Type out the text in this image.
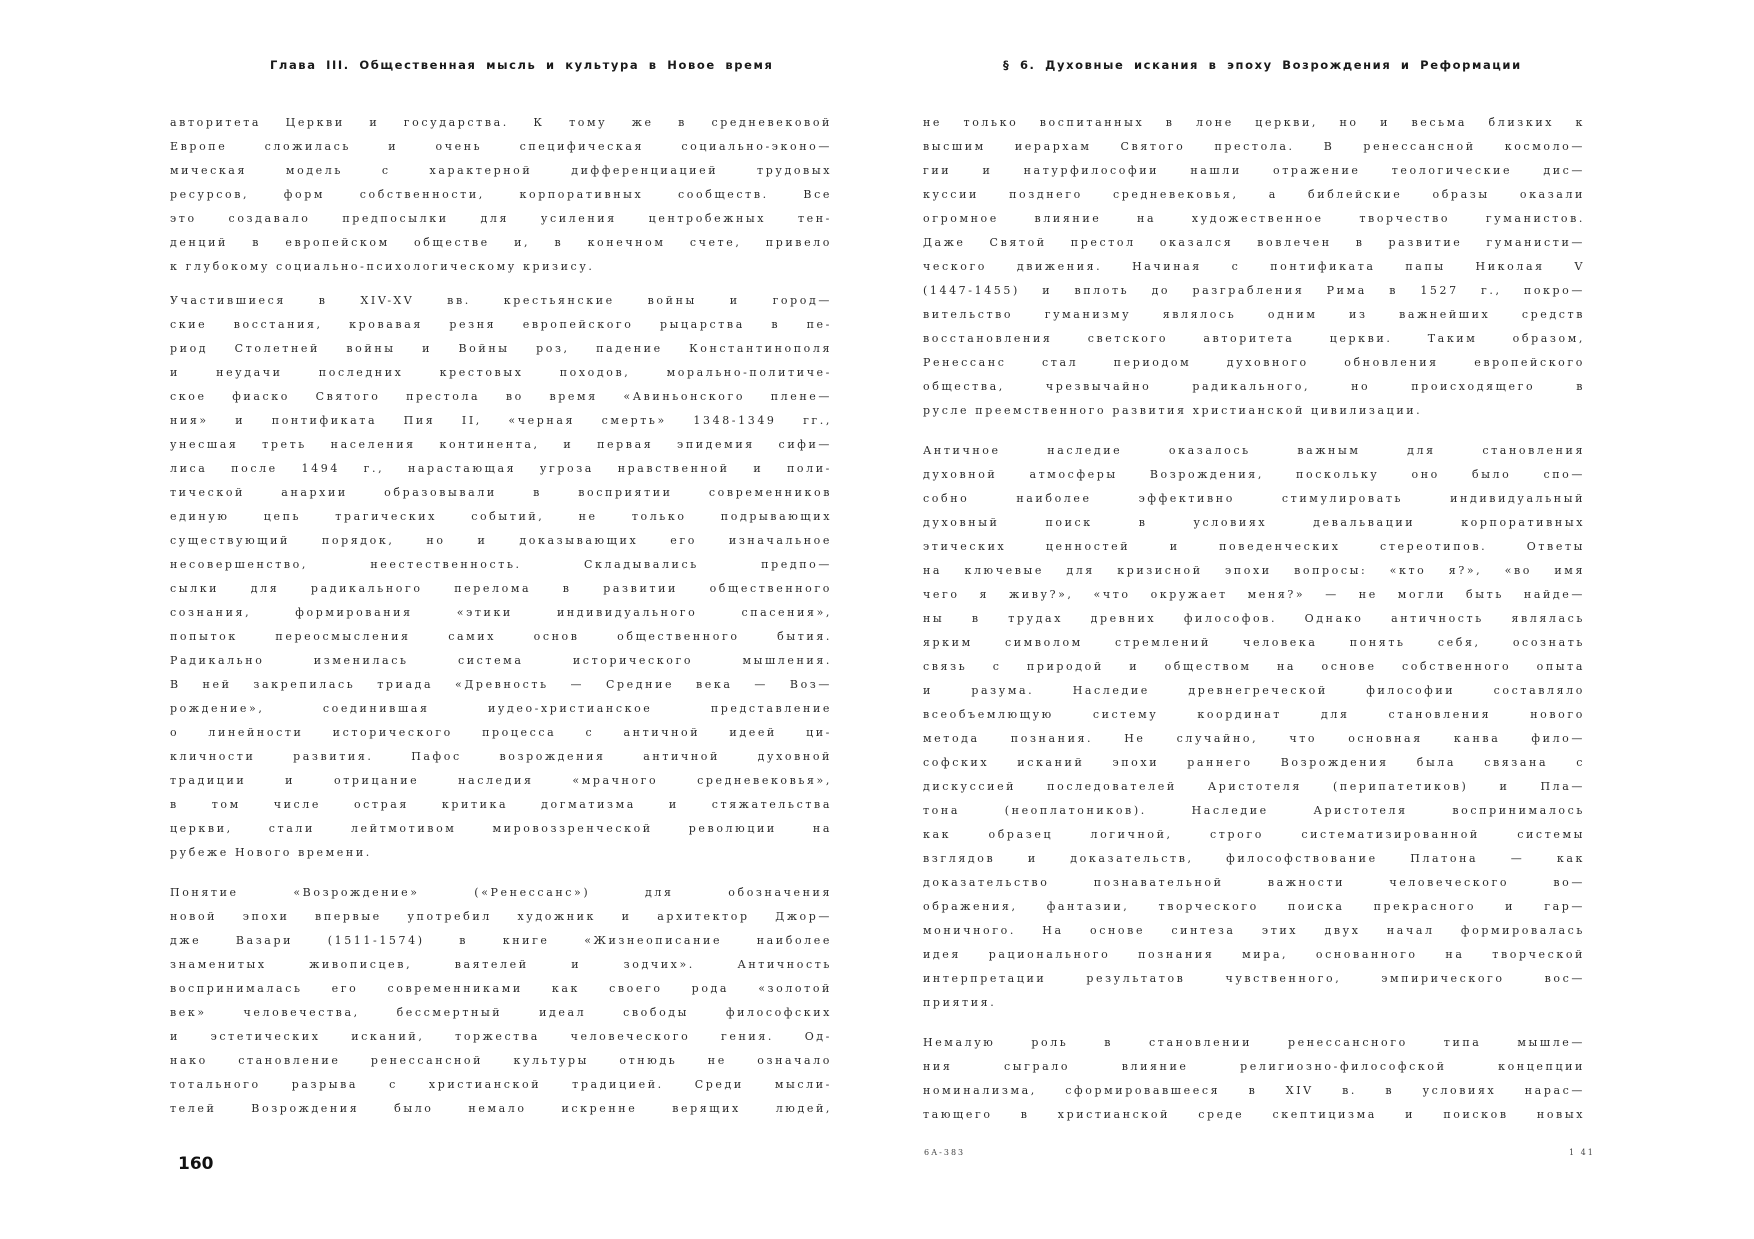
Глава III. Общественная мысль и культура в Новое время
авторитета Церкви и государства. К тому же в средневековой
Европе сложилась и очень специфическая социально-эконо—
мическая модель с характерной дифференциацией трудовых
ресурсов, форм собственности, корпоративных сообществ. Все
это создавало предпосылки для усиления центробежных тен-
денций в европейском обществе и, в конечном счете, привело
к глубокому социально-психологическому кризису.
Участившиеся в XIV-XV вв. крестьянские войны и город—
ские восстания, кровавая резня европейского рыцарства в пе-
риод Столетней войны и Войны роз, падение Константинополя
и неудачи последних крестовых походов, морально-политиче-
ское фиаско Святого престола во время «Авиньонского плене—
ния» и понтификата Пия II, «черная смерть» 1348-1349 гг.,
унесшая треть населения континента, и первая эпидемия сифи—
лиса после 1494 г., нарастающая угроза нравственной и поли-
тической анархии образовывали в восприятии современников
единую цепь трагических событий, не только подрывающих
существующий порядок, но и доказывающих его изначальное
несовершенство, неестественность. Складывались предпо—
сылки для радикального перелома в развитии общественного
сознания, формирования «этики индивидуального спасения»,
попыток переосмысления самих основ общественного бытия.
Радикально изменилась система исторического мышления.
В ней закрепилась триада «Древность — Средние века — Воз—
рождение», соединившая иудео-христианское представление
о линейности исторического процесса с античной идеей ци-
кличности развития. Пафос возрождения античной духовной
традиции и отрицание наследия «мрачного средневековья»,
в том числе острая критика догматизма и стяжательства
церкви, стали лейтмотивом мировоззренческой революции на
рубеже Нового времени.
Понятие «Возрождение» («Ренессанс») для обозначения
новой эпохи впервые употребил художник и архитектор Джор—
дже Вазари (1511-1574) в книге «Жизнеописание наиболее
знаменитых живописцев, ваятелей и зодчих». Античность
воспринималась его современниками как своего рода «золотой
век» человечества, бессмертный идеал свободы философских
и эстетических исканий, торжества человеческого гения. Од-
нако становление ренессансной культуры отнюдь не означало
тотального разрыва с христианской традицией. Среди мысли-
телей Возрождения было немало искренне верящих людей,
160
§ 6. Духовные искания в эпоху Возрождения и Реформации
не только воспитанных в лоне церкви, но и весьма близких к
высшим иерархам Святого престола. В ренессансной космоло—
гии и натурфилософии нашли отражение теологические дис—
куссии позднего средневековья, а библейские образы оказали
огромное влияние на художественное творчество гуманистов.
Даже Святой престол оказался вовлечен в развитие гуманисти—
ческого движения. Начиная с понтификата папы Николая V
(1447-1455) и вплоть до разграбления Рима в 1527 г., покро—
вительство гуманизму являлось одним из важнейших средств
восстановления светского авторитета церкви. Таким образом,
Ренессанс стал периодом духовного обновления европейского
общества, чрезвычайно радикального, но происходящего в
русле преемственного развития христианской цивилизации.
Античное наследие оказалось важным для становления
духовной атмосферы Возрождения, поскольку оно было спо—
собно наиболее эффективно стимулировать индивидуальный
духовный поиск в условиях девальвации корпоративных
этических ценностей и поведенческих стереотипов. Ответы
на ключевые для кризисной эпохи вопросы: «кто я?», «во имя
чего я живу?», «что окружает меня?» — не могли быть найде—
ны в трудах древних философов. Однако античность являлась
ярким символом стремлений человека понять себя, осознать
связь с природой и обществом на основе собственного опыта
и разума. Наследие древнегреческой философии составляло
всеобъемлющую систему координат для становления нового
метода познания. Не случайно, что основная канва фило—
софских исканий эпохи раннего Возрождения была связана с
дискуссией последователей Аристотеля (перипатетиков) и Пла—
тона (неоплатоников). Наследие Аристотеля воспринималось
как образец логичной, строго систематизированной системы
взглядов и доказательств, философствование Платона — как
доказательство познавательной важности человеческого во—
ображения, фантазии, творческого поиска прекрасного и гар—
моничного. На основе синтеза этих двух начал формировалась
идея рационального познания мира, основанного на творческой
интерпретации результатов чувственного, эмпирического вос—
приятия.
Немалую роль в становлении ренессансного типа мышле—
ния сыграло влияние религиозно-философской концепции
номинализма, сформировавшееся в XIV в. в условиях нарас—
тающего в христианской среде скептицизма и поисков новых
6А-383	1 41
